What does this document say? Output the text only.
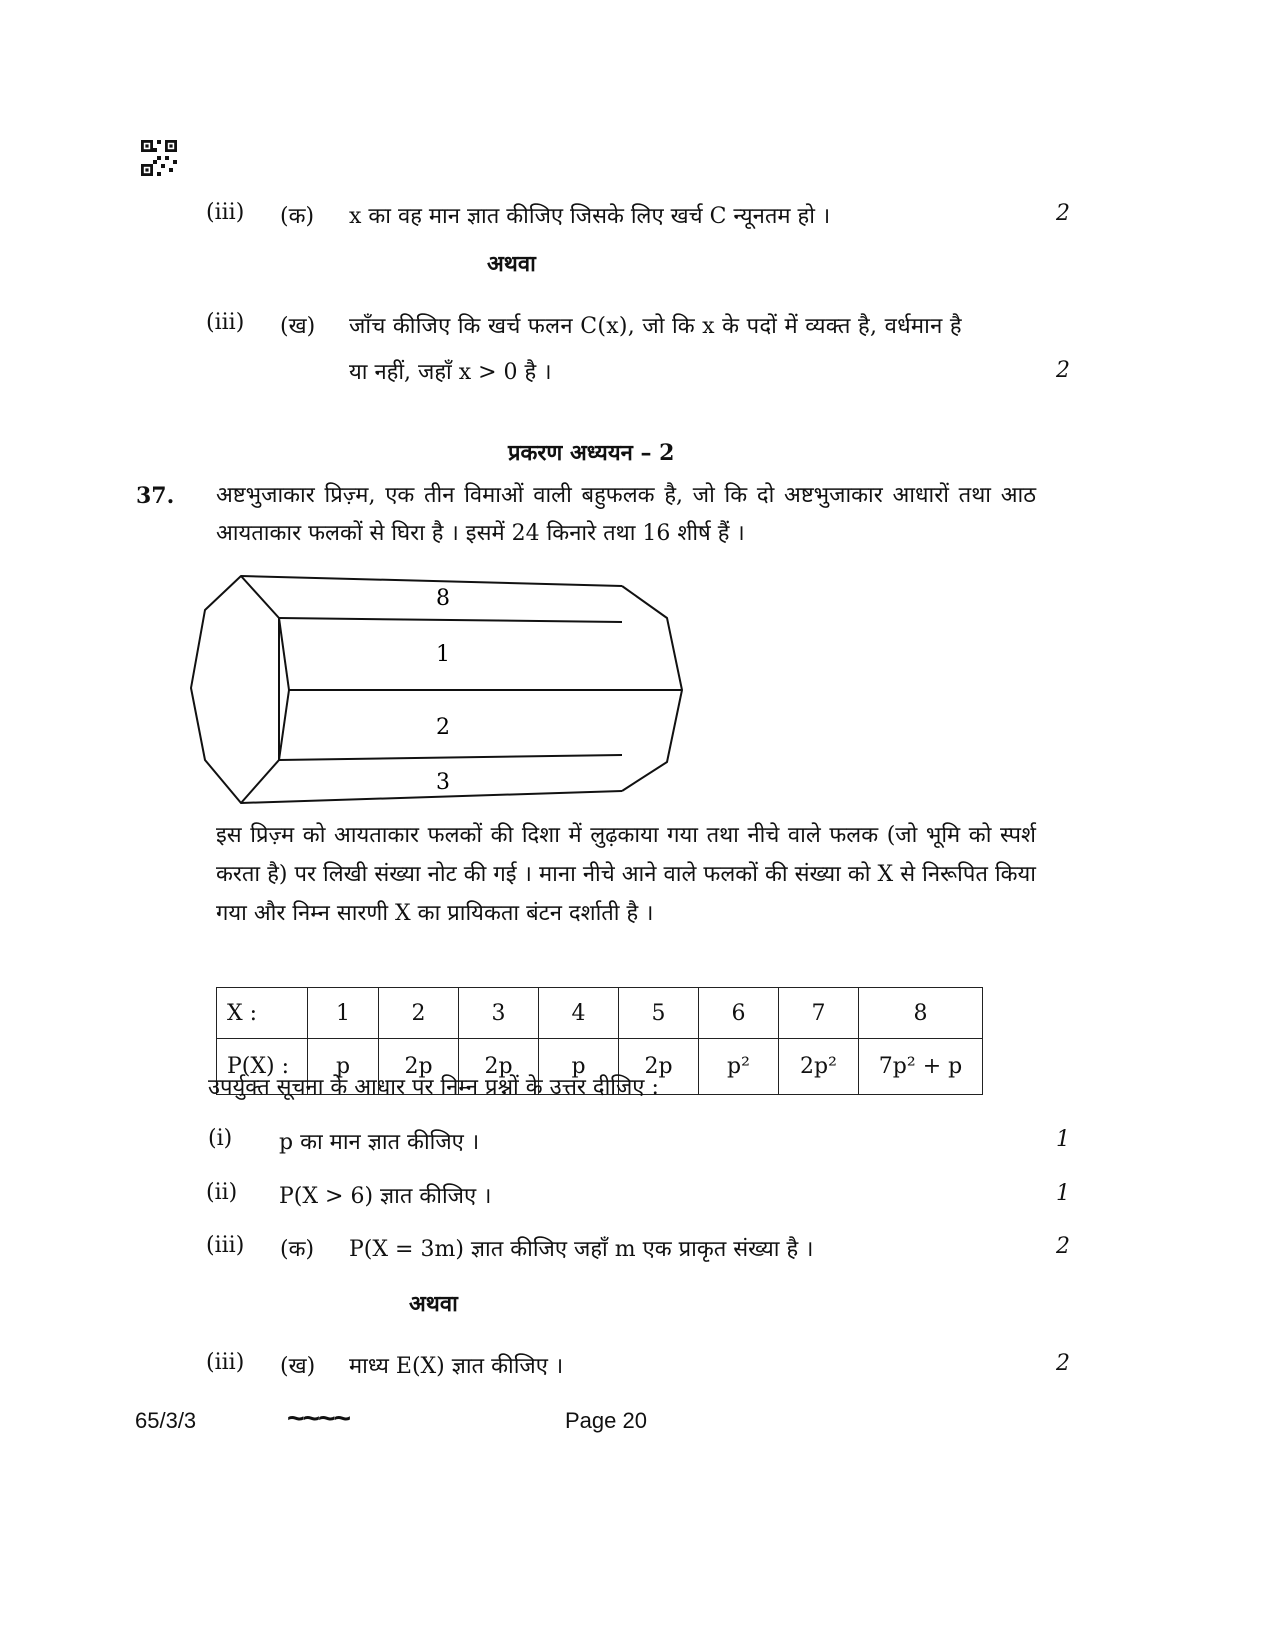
(iii) (क) x का वह मान ज्ञात कीजिए जिसके लिए खर्च C न्यूनतम हो ।	2
अथवा
(iii) (ख) जाँच कीजिए कि खर्च फलन C(x), जो कि x के पदों में व्यक्त है, वर्धमान है
या नहीं, जहाँ x > 0 है ।	2
प्रकरण अध्ययन – 2
37. अष्टभुजाकार प्रिज़्म, एक तीन विमाओं वाली बहुफलक है, जो कि दो अष्टभुजाकार आधारों तथा आठ आयताकार फलकों से घिरा है । इसमें 24 किनारे तथा 16 शीर्ष हैं ।
8
1
2
3
इस प्रिज़्म को आयताकार फलकों की दिशा में लुढ़काया गया तथा नीचे वाले फलक (जो भूमि को स्पर्श करता है) पर लिखी संख्या नोट की गई । माना नीचे आने वाले फलकों की संख्या को X से निरूपित किया गया और निम्न सारणी X का प्रायिकता बंटन दर्शाती है ।
X :	1	2	3	4	5	6	7	8
P(X) :	p	2p	2p	p	2p	p²	2p²	7p² + p
उपर्युक्त सूचना के आधार पर निम्न प्रश्नों के उत्तर दीजिए :
(i) p का मान ज्ञात कीजिए ।	1
(ii) P(X > 6) ज्ञात कीजिए ।	1
(iii) (क) P(X = 3m) ज्ञात कीजिए जहाँ m एक प्राकृत संख्या है ।	2
अथवा
(iii) (ख) माध्य E(X) ज्ञात कीजिए ।	2
65/3/3	~~~~	Page 20
